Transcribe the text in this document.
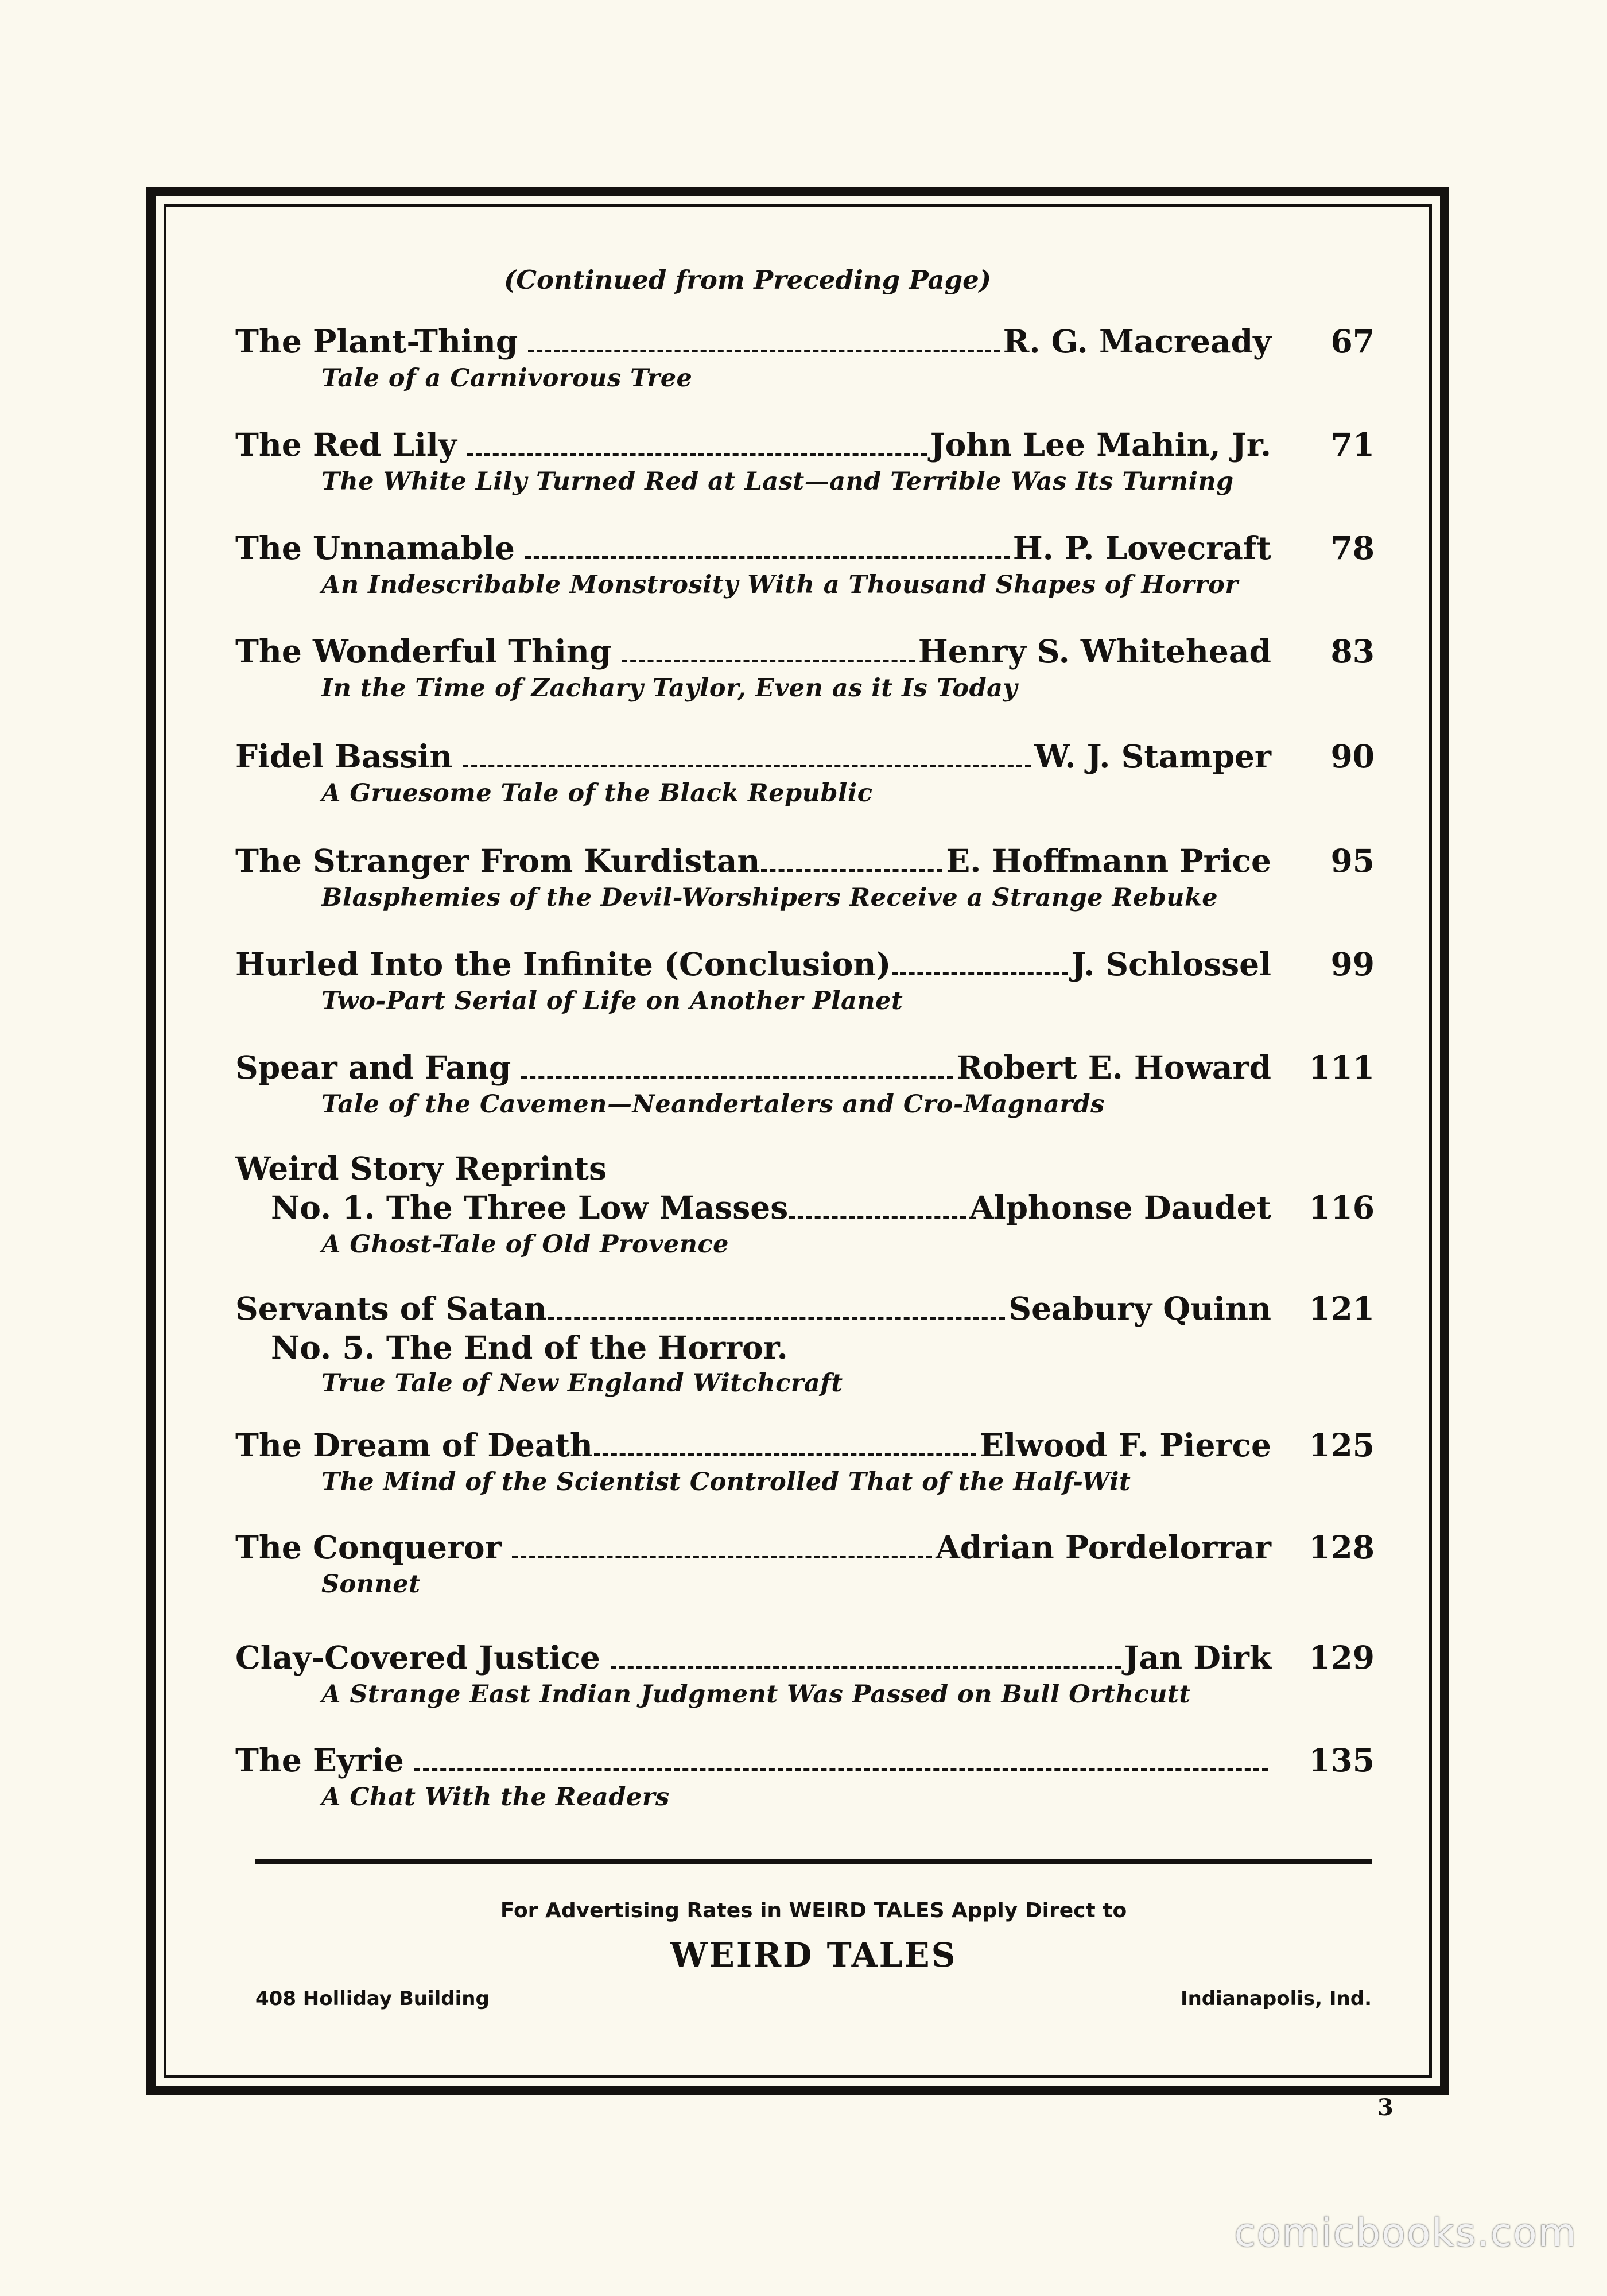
(Continued from Preceding Page)
The Plant-Thing	R. G. Macready	67
Tale of a Carnivorous Tree
The Red Lily	John Lee Mahin, Jr.	71
The White Lily Turned Red at Last—and Terrible Was Its Turning
The Unnamable	H. P. Lovecraft	78
An Indescribable Monstrosity With a Thousand Shapes of Horror
The Wonderful Thing	Henry S. Whitehead	83
In the Time of Zachary Taylor, Even as it Is Today
Fidel Bassin	W. J. Stamper	90
A Gruesome Tale of the Black Republic
The Stranger From Kurdistan	E. Hoffmann Price	95
Blasphemies of the Devil-Worshipers Receive a Strange Rebuke
Hurled Into the Infinite (Conclusion)	J. Schlossel	99
Two-Part Serial of Life on Another Planet
Spear and Fang	Robert E. Howard	111
Tale of the Cavemen—Neandertalers and Cro-Magnards
Weird Story Reprints
No. 1. The Three Low Masses	Alphonse Daudet	116
A Ghost-Tale of Old Provence
Servants of Satan	Seabury Quinn	121
No. 5. The End of the Horror.
True Tale of New England Witchcraft
The Dream of Death	Elwood F. Pierce	125
The Mind of the Scientist Controlled That of the Half-Wit
The Conqueror	Adrian Pordelorrar	128
Sonnet
Clay-Covered Justice	Jan Dirk	129
A Strange East Indian Judgment Was Passed on Bull Orthcutt
The Eyrie	135
A Chat With the Readers
For Advertising Rates in WEIRD TALES Apply Direct to
WEIRD TALES
408 Holliday Building	Indianapolis, Ind.
3
comicbooks.com
